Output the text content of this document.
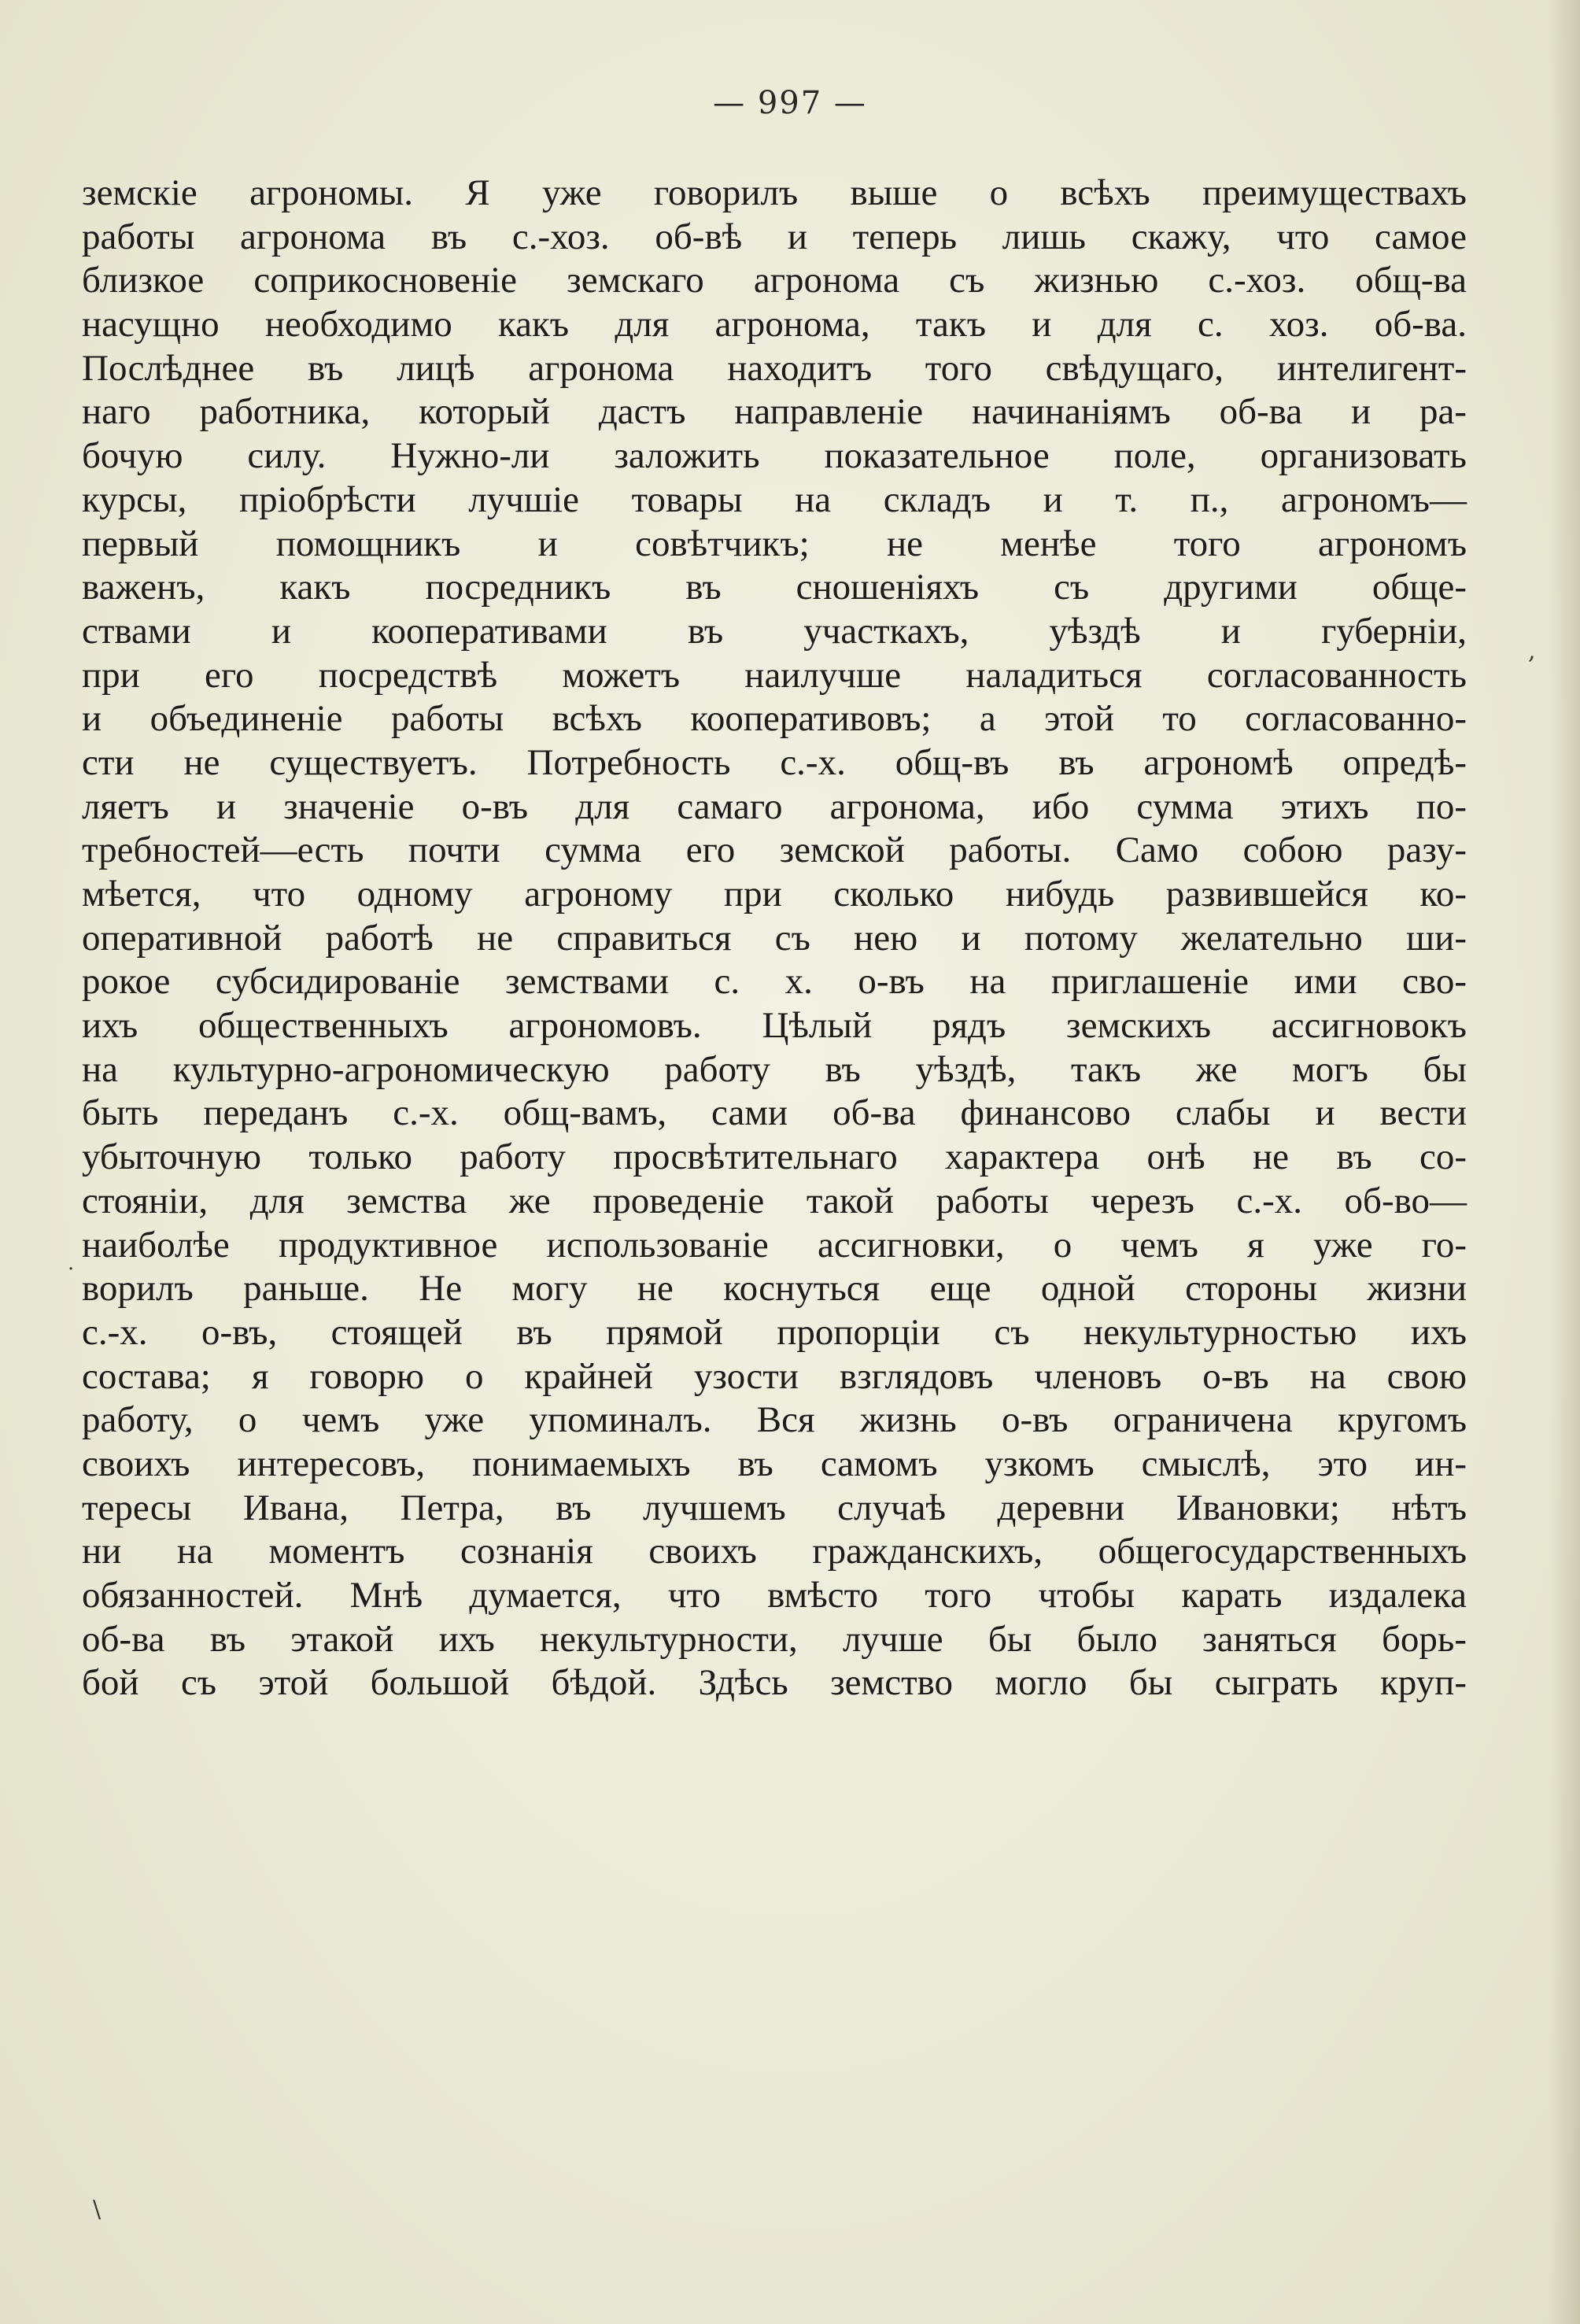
— 997 —
земскiе агрономы. Я уже говорилъ выше о всѣхъ преимуществахъ
работы агронома въ с.-хоз. об-вѣ и теперь лишь скажу, что самое
близкое соприкосновенiе земскаго агронома съ жизнью с.-хоз. общ-ва
насущно необходимо какъ для агронома, такъ и для с. хоз. об-ва.
Послѣднее въ лицѣ агронома находитъ того свѣдущаго, интелигент-
наго работника, который дастъ направленiе начинанiямъ об-ва и ра-
бочую силу. Нужно-ли заложить показательное поле, организовать
курсы, прiобрѣсти лучшiе товары на складъ и т. п., агрономъ—
первый помощникъ и совѣтчикъ; не менѣе того агрономъ
важенъ, какъ посредникъ въ сношенiяхъ съ другими обще-
ствами и кооперативами въ участкахъ, уѣздѣ и губернiи,
при его посредствѣ можетъ наилучше наладиться согласованность
и объединенiе работы всѣхъ кооперативовъ; а этой то согласованно-
сти не существуетъ. Потребность с.-х. общ-въ въ агрономѣ опредѣ-
ляетъ и значенiе о-въ для самаго агронома, ибо сумма этихъ по-
требностей—есть почти сумма его земской работы. Само собою разу-
мѣется, что одному агроному при сколько нибудь развившейся ко-
оперативной работѣ не справиться съ нею и потому желательно ши-
рокое субсидированiе земствами с. х. о-въ на приглашенiе ими сво-
ихъ общественныхъ агрономовъ. Цѣлый рядъ земскихъ ассигновокъ
на культурно-агрономическую работу въ уѣздѣ, такъ же могъ бы
быть переданъ с.-х. общ-вамъ, сами об-ва финансово слабы и вести
убыточную только работу просвѣтительнаго характера онѣ не въ со-
стоянiи, для земства же проведенiе такой работы черезъ с.-х. об-во—
наиболѣе продуктивное использованiе ассигновки, о чемъ я уже го-
ворилъ раньше. Не могу не коснуться еще одной стороны жизни
с.-х. о-въ, стоящей въ прямой пропорцiи съ некультурностью ихъ
состава; я говорю о крайней узости взглядовъ членовъ о-въ на свою
работу, о чемъ уже упоминалъ. Вся жизнь о-въ ограничена кругомъ
своихъ интересовъ, понимаемыхъ въ самомъ узкомъ смыслѣ, это ин-
тересы Ивана, Петра, въ лучшемъ случаѣ деревни Ивановки; нѣтъ
ни на моментъ сознанiя своихъ гражданскихъ, общегосударственныхъ
обязанностей. Мнѣ думается, что вмѣсто того чтобы карать издалека
об-ва въ этакой ихъ некультурности, лучше бы было заняться борь-
бой съ этой большой бѣдой. Здѣсь земство могло бы сыграть круп-
,
·
\
